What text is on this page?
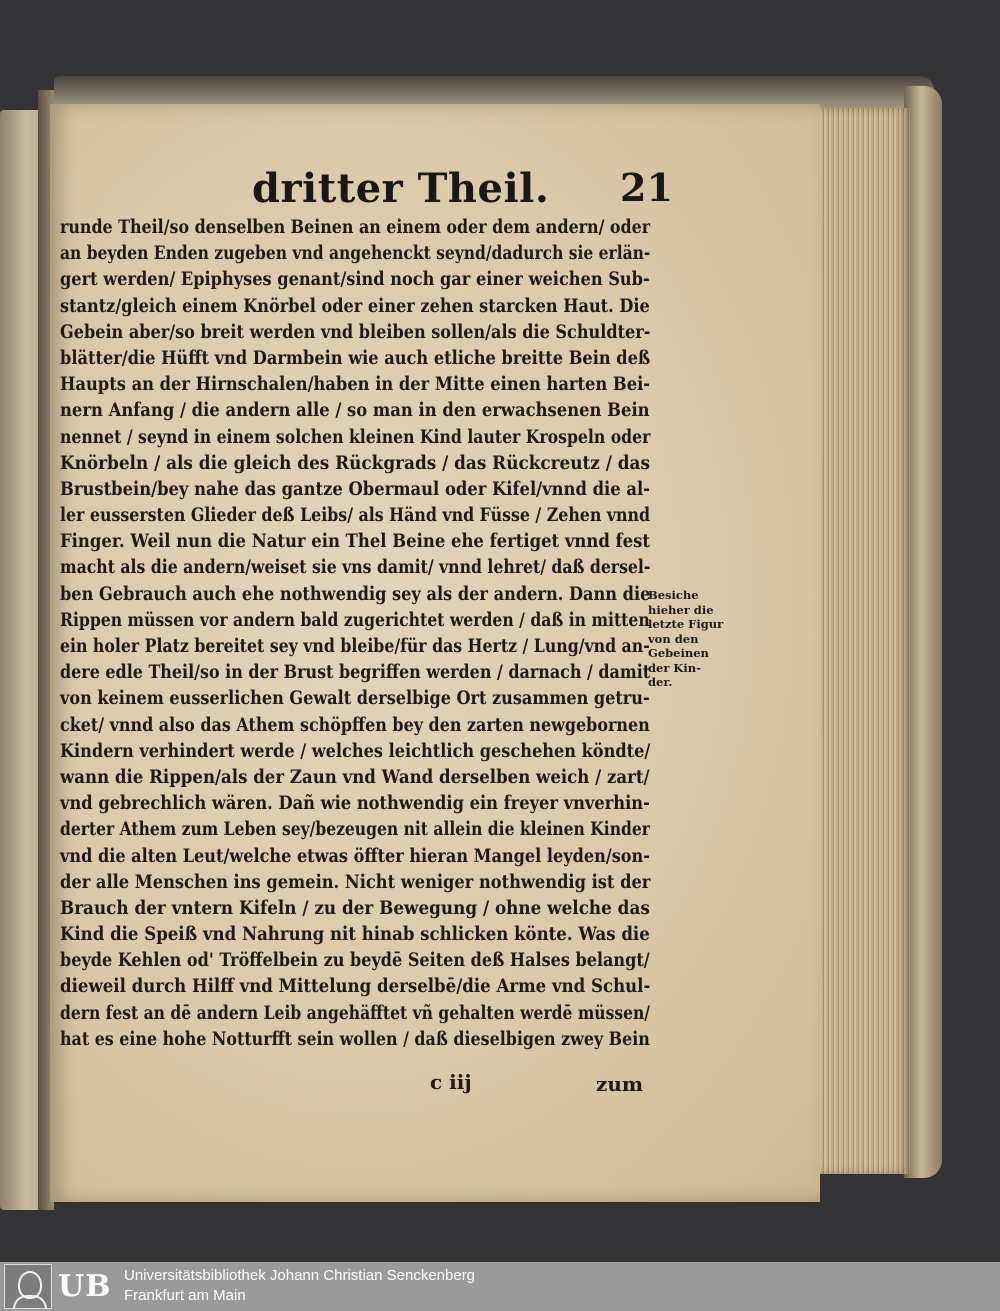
dritter Theil. 21
runde Theil/so denselben Beinen an einem oder dem andern/ oder
an beyden Enden zugeben vnd angehenckt seynd/dadurch sie erlän-
gert werden/ Epiphyses genant/sind noch gar einer weichen Sub-
stantz/gleich einem Knörbel oder einer zehen starcken Haut. Die
Gebein aber/so breit werden vnd bleiben sollen/als die Schuldter-
blätter/die Hüfft vnd Darmbein wie auch etliche breitte Bein deß
Haupts an der Hirnschalen/haben in der Mitte einen harten Bei-
nern Anfang / die andern alle / so man in den erwachsenen Bein
nennet / seynd in einem solchen kleinen Kind lauter Krospeln oder
Knörbeln / als die gleich des Rückgrads / das Rückcreutz / das
Brustbein/bey nahe das gantze Obermaul oder Kifel/vnnd die al-
ler eussersten Glieder deß Leibs/ als Händ vnd Füsse / Zehen vnnd
Finger. Weil nun die Natur ein Thel Beine ehe fertiget vnnd fest
macht als die andern/weiset sie vns damit/ vnnd lehret/ daß dersel-
ben Gebrauch auch ehe nothwendig sey als der andern. Dann die
Rippen müssen vor andern bald zugerichtet werden / daß in mitten
ein holer Platz bereitet sey vnd bleibe/für das Hertz / Lung/vnd an-
dere edle Theil/so in der Brust begriffen werden / darnach / damit
von keinem eusserlichen Gewalt derselbige Ort zusammen getru-
cket/ vnnd also das Athem schöpffen bey den zarten newgebornen
Kindern verhindert werde / welches leichtlich geschehen köndte/
wann die Rippen/als der Zaun vnd Wand derselben weich / zart/
vnd gebrechlich wären. Dañ wie nothwendig ein freyer vnverhin-
derter Athem zum Leben sey/bezeugen nit allein die kleinen Kinder
vnd die alten Leut/welche etwas öffter hieran Mangel leyden/son-
der alle Menschen ins gemein. Nicht weniger nothwendig ist der
Brauch der vntern Kifeln / zu der Bewegung / ohne welche das
Kind die Speiß vnd Nahrung nit hinab schlicken könte. Was die
beyde Kehlen od' Tröffelbein zu beydē Seiten deß Halses belangt/
dieweil durch Hilff vnd Mittelung derselbē/die Arme vnd Schul-
dern fest an dē andern Leib angehäfftet vñ gehalten werdē müssen/
hat es eine hohe Notturfft sein wollen / daß dieselbigen zwey Bein
Besiche
hieher die
letzte Figur
von den
Gebeinen
der Kin-
der.
c iij	zum
UB Universitätsbibliothek Johann Christian Senckenberg
Frankfurt am Main
